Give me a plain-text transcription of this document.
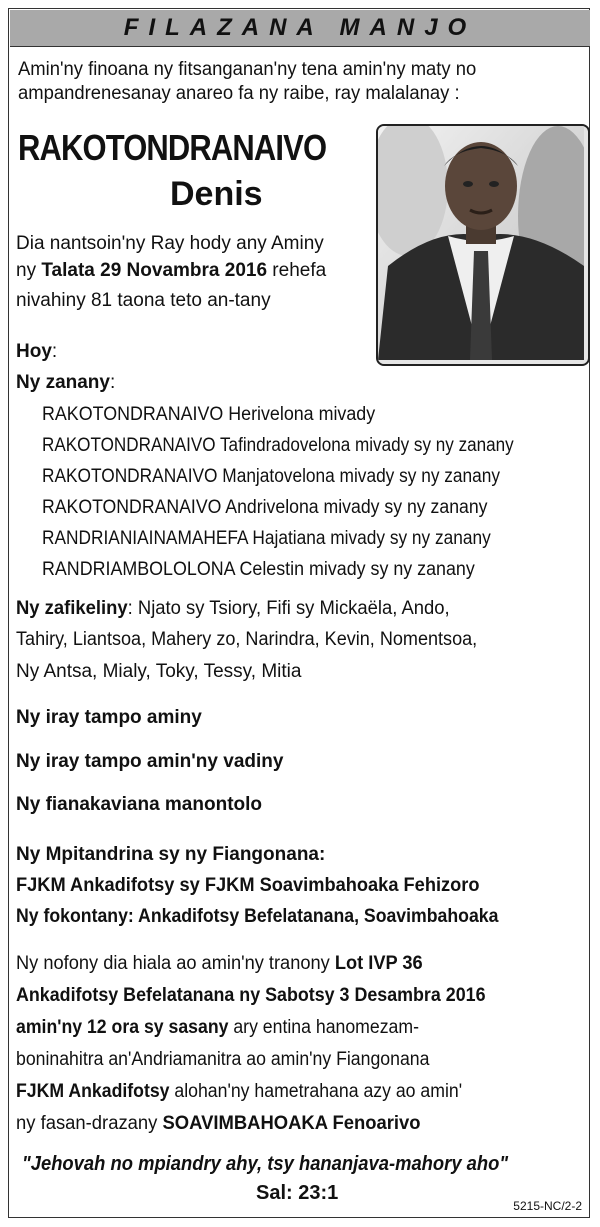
FILAZANA MANJO
Amin'ny finoana ny fitsanganan'ny tena amin'ny maty no
ampandrenesanay anareo fa ny raibe, ray malalanay :
RAKOTONDRANAIVO
Denis
Dia nantsoin'ny Ray hody any Aminy
ny Talata 29 Novambra 2016 rehefa
nivahiny 81 taona teto an-tany
Hoy:
Ny zanany:
RAKOTONDRANAIVO Herivelona mivady
RAKOTONDRANAIVO Tafindradovelona mivady sy ny zanany
RAKOTONDRANAIVO Manjatovelona mivady sy ny zanany
RAKOTONDRANAIVO Andrivelona mivady sy ny zanany
RANDRIANIAINAMAHEFA Hajatiana mivady sy ny zanany
RANDRIAMBOLOLONA Celestin mivady sy ny zanany
Ny zafikeliny: Njato sy Tsiory, Fifi sy Mickaëla, Ando,
Tahiry, Liantsoa, Mahery zo, Narindra, Kevin, Nomentsoa,
Ny Antsa, Mialy, Toky, Tessy, Mitia
Ny iray tampo aminy
Ny iray tampo amin'ny vadiny
Ny fianakaviana manontolo
Ny Mpitandrina sy ny Fiangonana:
FJKM Ankadifotsy sy FJKM Soavimbahoaka Fehizoro
Ny fokontany: Ankadifotsy Befelatanana, Soavimbahoaka
Ny nofony dia hiala ao amin'ny tranony Lot IVP 36
Ankadifotsy Befelatanana ny Sabotsy 3 Desambra 2016
amin'ny 12 ora sy sasany ary entina hanomezam-
boninahitra an'Andriamanitra ao amin'ny Fiangonana
FJKM Ankadifotsy alohan'ny hametrahana azy ao amin'
ny fasan-drazany SOAVIMBAHOAKA Fenoarivo
"Jehovah no mpiandry ahy, tsy hananjava-mahory aho"
Sal: 23:1
5215-NC/2-2
